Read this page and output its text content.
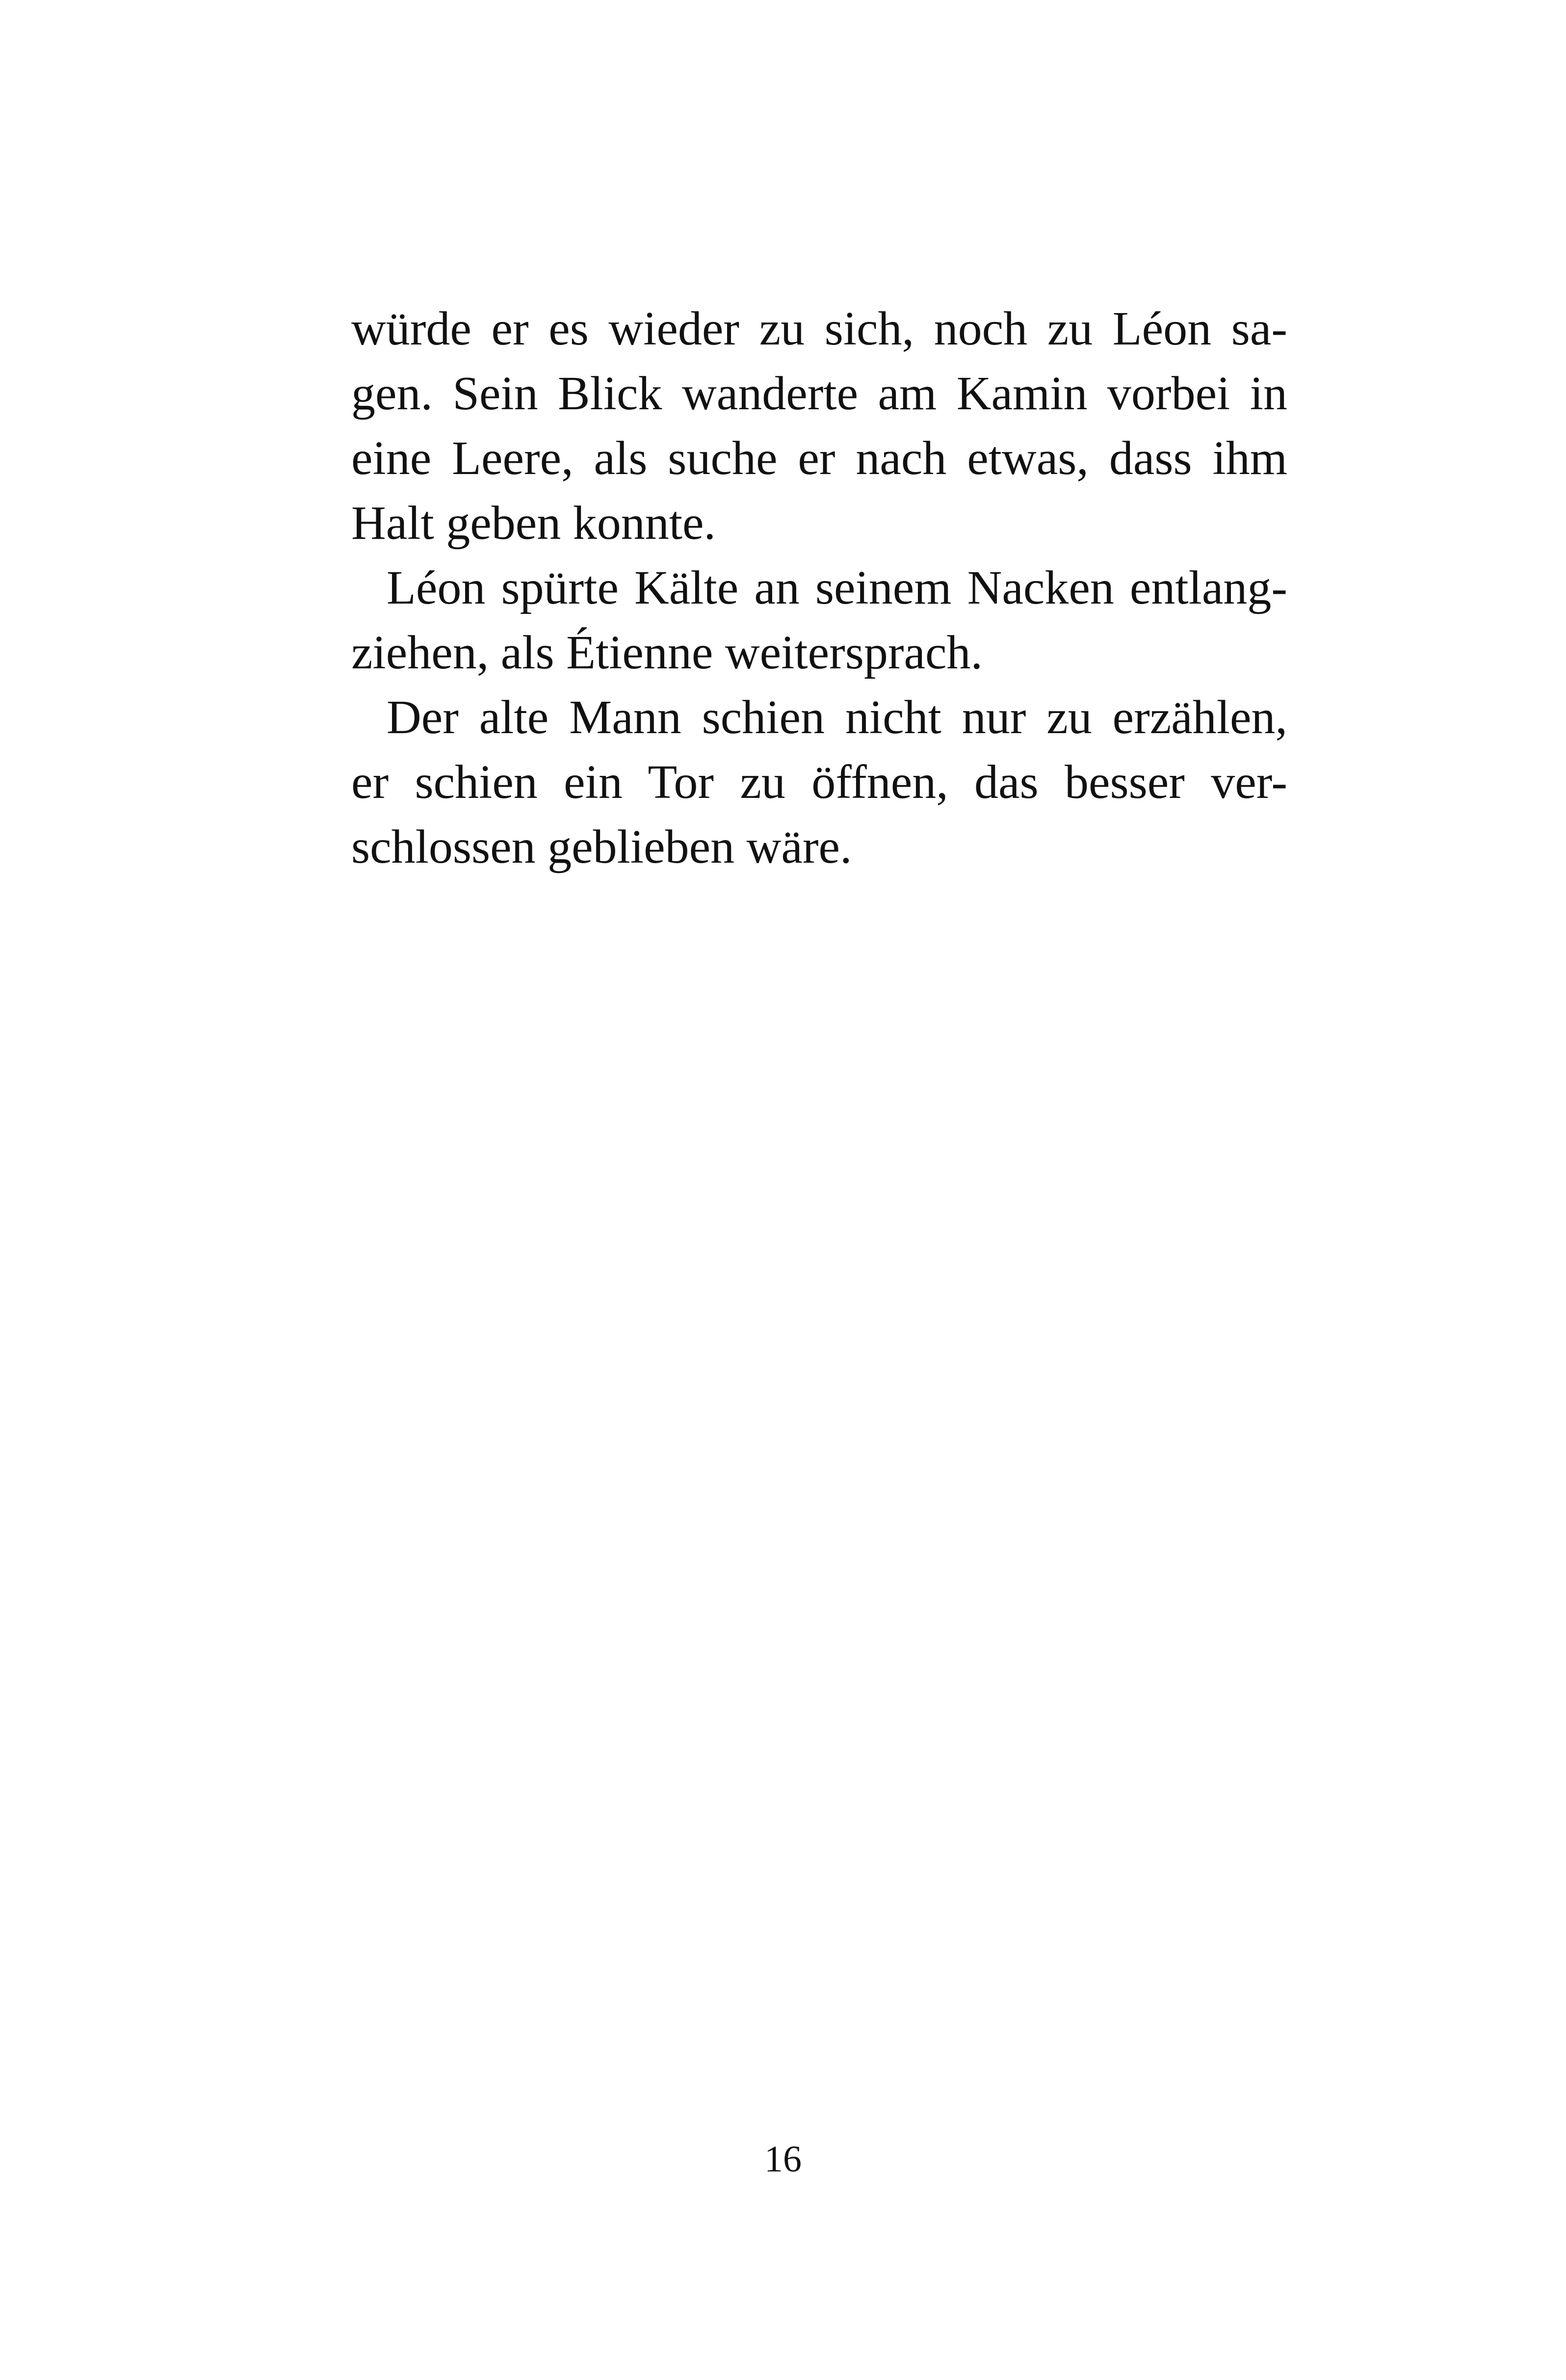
würde er es wieder zu sich, noch zu Léon sa-
gen. Sein Blick wanderte am Kamin vorbei in
eine Leere, als suche er nach etwas, dass ihm
Halt geben konnte.
Léon spürte Kälte an seinem Nacken entlang-
ziehen, als Étienne weitersprach.
Der alte Mann schien nicht nur zu erzählen,
er schien ein Tor zu öffnen, das besser ver-
schlossen geblieben wäre.
16
